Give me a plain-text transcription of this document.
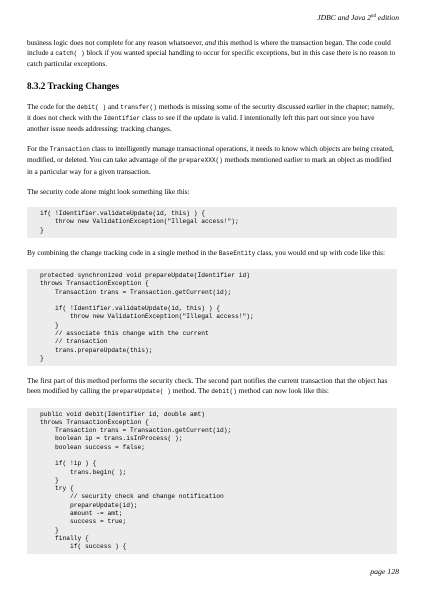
JDBC and Java 2nd edition

business logic does not complete for any reason whatsoever, and this method is where the transaction began. The code could include a catch( ) block if you wanted special handling to occur for specific exceptions, but in this case there is no reason to catch particular exceptions.

8.3.2 Tracking Changes

The code for the debit( ) and transfer() methods is missing some of the security discussed earlier in the chapter; namely, it does not check with the Identifier class to see if the update is valid. I intentionally left this part out since you have another issue needs addressing: tracking changes.

For the Transaction class to intelligently manage transactional operations, it needs to know which objects are being created, modified, or deleted. You can take advantage of the prepareXXX() methods mentioned earlier to mark an object as modified in a particular way for a given transaction.

The security code alone might look something like this:

if( !Identifier.validateUpdate(id, this) ) {
throw new ValidationException("Illegal access!");
}

By combining the change tracking code in a single method in the BaseEntity class, you would end up with code like this:

protected synchronized void prepareUpdate(Identifier id)
throws TransactionException {
Transaction trans = Transaction.getCurrent(id);

if( !Identifier.validateUpdate(id, this) ) {
throw new ValidationException("Illegal access!");
}
// associate this change with the current
// transaction
trans.prepareUpdate(this);
}

The first part of this method performs the security check. The second part notifies the current transaction that the object has been modified by calling the prepareUpdate( ) method. The debit() method can now look like this:

public void debit(Identifier id, double amt)
throws TransactionException {
Transaction trans = Transaction.getCurrent(id);
boolean ip = trans.isInProcess( );
boolean success = false;

if( !ip ) {
trans.begin( );
}
try {
// security check and change notification
prepareUpdate(id);
amount -= amt;
success = true;
}
finally {
if( success ) {
page 128
